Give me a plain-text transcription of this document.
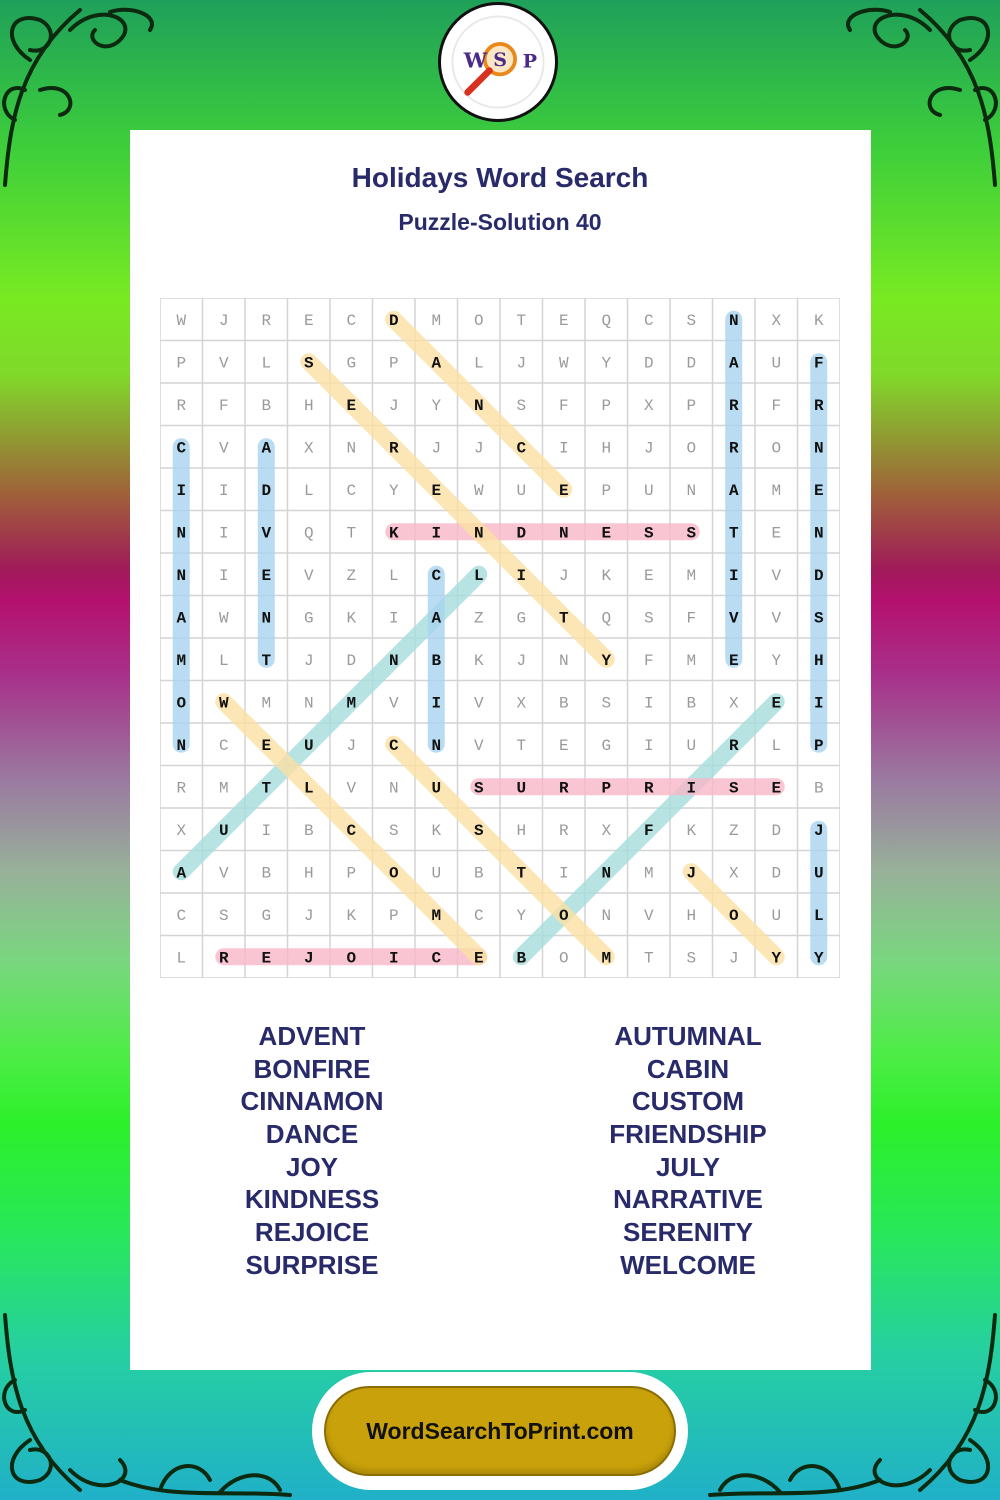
W S P
Holidays Word Search
Puzzle-Solution 40
W J R E C D M O T E Q C S N X K
P V L S G P A L J W Y D D A U F
R F B H E J Y N S F P X P R F R
C V A X N R J J C I H J O R O N
I I D L C Y E W U E P U N A M E
N I V Q T K I N D N E S S T E N
N I E V Z L C L I J K E M I V D
A W N G K I A Z G T Q S F V V S
M L T J D N B K J N Y F M E Y H
O W M N M V I V X B S I B X E I
N C E U J C N V T E G I U R L P
R M T L V N U S U R P R I S E B
X U I B C S K S H R X F K Z D J
A V B H P O U B T I N M J X D U
C S G J K P M C Y O N V H O U L
L R E J O I C E B O M T S J Y Y
ADVENT
BONFIRE
CINNAMON
DANCE
JOY
KINDNESS
REJOICE
SURPRISE
AUTUMNAL
CABIN
CUSTOM
FRIENDSHIP
JULY
NARRATIVE
SERENITY
WELCOME
WordSearchToPrint.com
